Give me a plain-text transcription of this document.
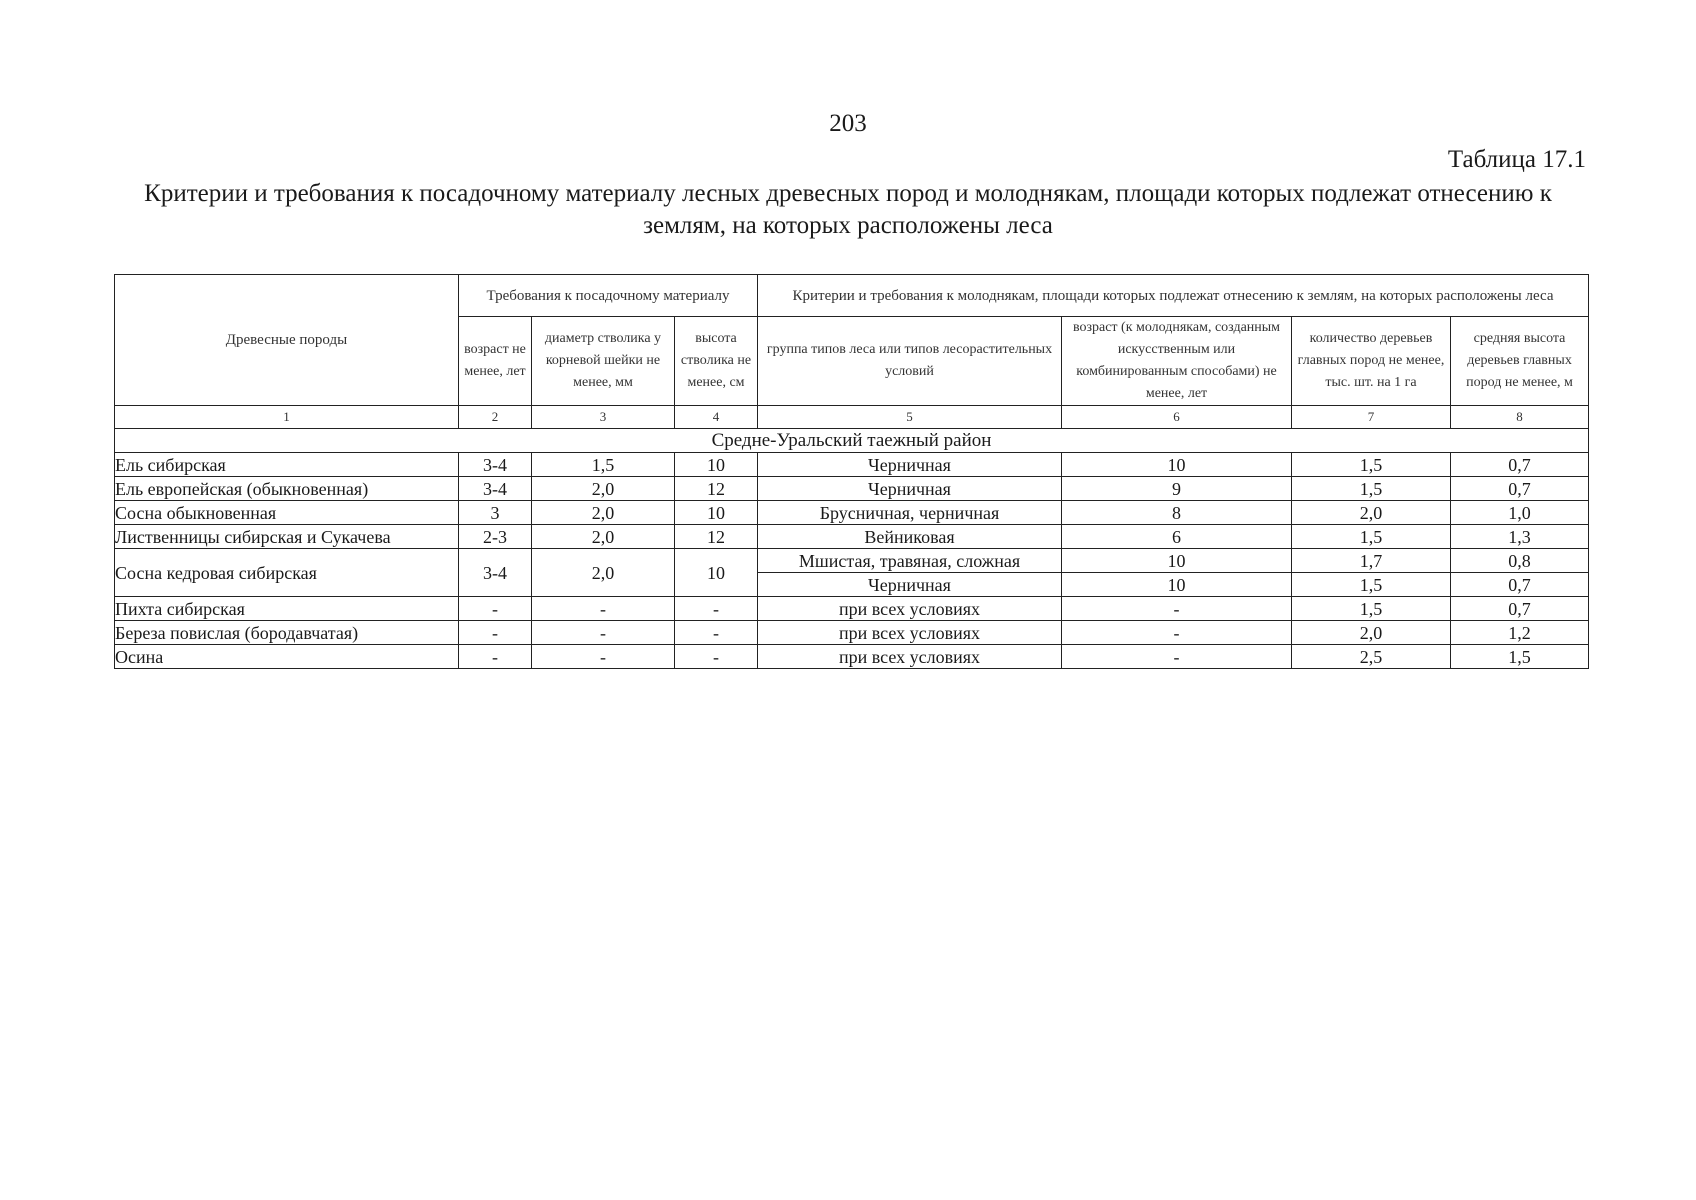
203
Таблица 17.1
Критерии и требования к посадочному материалу лесных древесных пород и молоднякам, площади которых подлежат отнесению к землям, на которых расположены леса
Древесные породы	Требования к посадочному материалу			Критерии и требования к молоднякам, площади которых подлежат отнесению к землям, на которых расположены леса			
	возраст не менее, лет	диаметр стволика у корневой шейки не менее, мм	высота стволика не менее, см	группа типов леса или типов лесорастительных условий	возраст (к молоднякам, созданным искусственным или комбинированным способами) не менее, лет	количество деревьев главных пород не менее, тыс. шт. на 1 га	средняя высота деревьев главных пород не менее, м
1	2	3	4	5	6	7	8
Средне-Уральский таежный район							
Ель сибирская	3-4	1,5	10	Черничная	10	1,5	0,7
Ель европейская (обыкновенная)	3-4	2,0	12	Черничная	9	1,5	0,7
Сосна обыкновенная	3	2,0	10	Брусничная, черничная	8	2,0	1,0
Лиственницы сибирская и Сукачева	2-3	2,0	12	Вейниковая	6	1,5	1,3
Сосна кедровая сибирская	3-4	2,0	10	Мшистая, травяная, сложная	10	1,7	0,8
				Черничная	10	1,5	0,7
Пихта сибирская	-	-	-	при всех условиях	-	1,5	0,7
Береза повислая (бородавчатая)	-	-	-	при всех условиях	-	2,0	1,2
Осина	-	-	-	при всех условиях	-	2,5	1,5
